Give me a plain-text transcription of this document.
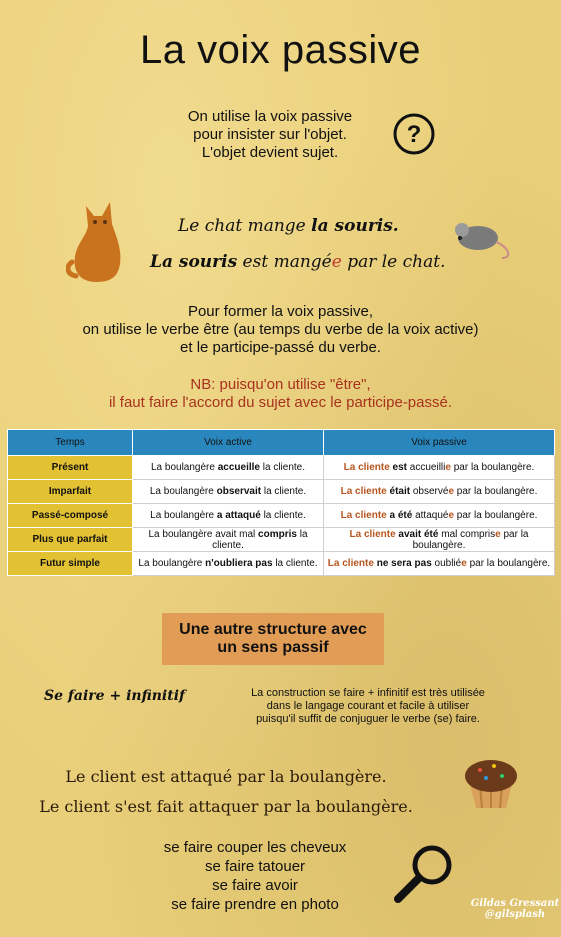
La voix passive
On utilise la voix passive
pour insister sur l'objet.
L'objet devient sujet.
?
Le chat mange la souris.
La souris est mangée par le chat.
Pour former la voix passive,
on utilise le verbe être (au temps du verbe de la voix active)
et le participe-passé du verbe.
NB: puisqu'on utilise "être",
il faut faire l'accord du sujet avec le participe-passé.
Temps	Voix active	Voix passive
Présent	La boulangère accueille la cliente.	La cliente est accueillie par la boulangère.
Imparfait	La boulangère observait la cliente.	La cliente était observée par la boulangère.
Passé-composé	La boulangère a attaqué la cliente.	La cliente a été attaquée par la boulangère.
Plus que parfait	La boulangère avait mal compris la cliente.	La cliente avait été mal comprise par la boulangère.
Futur simple	La boulangère n'oubliera pas la cliente.	La cliente ne sera pas oubliée par la boulangère.
Une autre structure avec
un sens passif
Se faire + infinitif	La construction se faire + infinitif est très utilisée
dans le langage courant et facile à utiliser
puisqu'il suffit de conjuguer le verbe (se) faire.
Le client est attaqué par la boulangère.
Le client s'est fait attaquer par la boulangère.
se faire couper les cheveux
se faire tatouer
se faire avoir
se faire prendre en photo	Gildas Gressant
@gilsplash
